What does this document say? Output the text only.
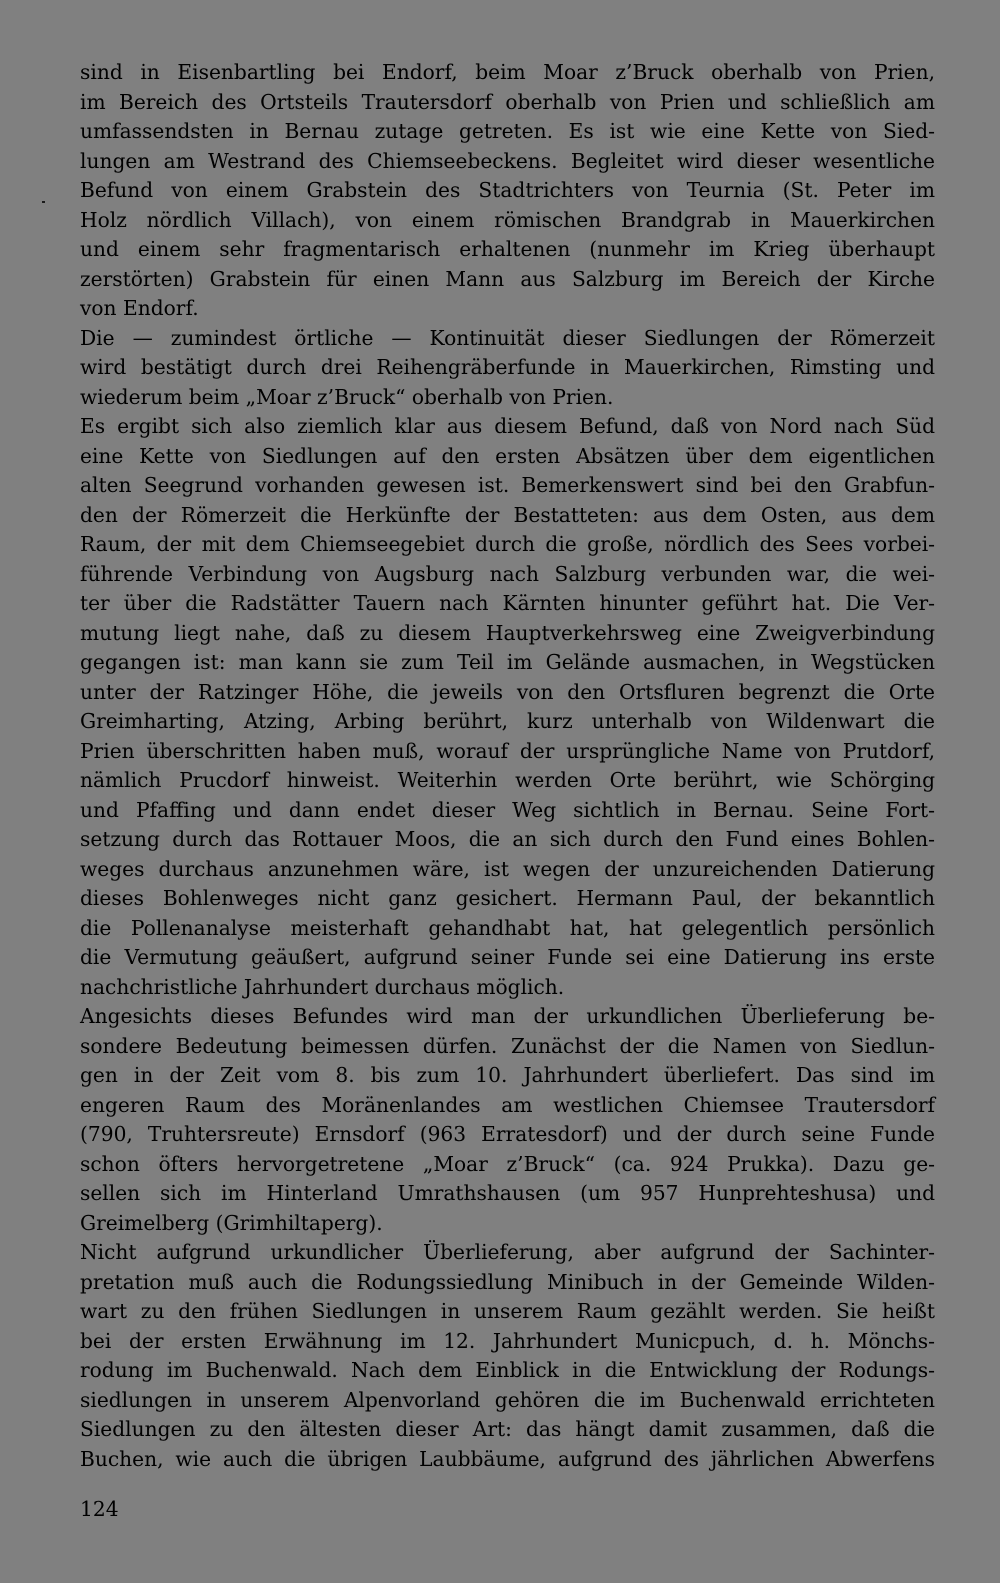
sind in Eisenbartling bei Endorf, beim Moar z’Bruck oberhalb von Prien,
im Bereich des Ortsteils Trautersdorf oberhalb von Prien und schließlich am
umfassendsten in Bernau zutage getreten. Es ist wie eine Kette von Sied-
lungen am Westrand des Chiemseebeckens. Begleitet wird dieser wesentliche
Befund von einem Grabstein des Stadtrichters von Teurnia (St. Peter im
Holz nördlich Villach), von einem römischen Brandgrab in Mauerkirchen
und einem sehr fragmentarisch erhaltenen (nunmehr im Krieg überhaupt
zerstörten) Grabstein für einen Mann aus Salzburg im Bereich der Kirche
von Endorf.
Die — zumindest örtliche — Kontinuität dieser Siedlungen der Römerzeit
wird bestätigt durch drei Reihengräberfunde in Mauerkirchen, Rimsting und
wiederum beim „Moar z’Bruck“ oberhalb von Prien.
Es ergibt sich also ziemlich klar aus diesem Befund, daß von Nord nach Süd
eine Kette von Siedlungen auf den ersten Absätzen über dem eigentlichen
alten Seegrund vorhanden gewesen ist. Bemerkenswert sind bei den Grabfun-
den der Römerzeit die Herkünfte der Bestatteten: aus dem Osten, aus dem
Raum, der mit dem Chiemseegebiet durch die große, nördlich des Sees vorbei-
führende Verbindung von Augsburg nach Salzburg verbunden war, die wei-
ter über die Radstätter Tauern nach Kärnten hinunter geführt hat. Die Ver-
mutung liegt nahe, daß zu diesem Hauptverkehrsweg eine Zweigverbindung
gegangen ist: man kann sie zum Teil im Gelände ausmachen, in Wegstücken
unter der Ratzinger Höhe, die jeweils von den Ortsfluren begrenzt die Orte
Greimharting, Atzing, Arbing berührt, kurz unterhalb von Wildenwart die
Prien überschritten haben muß, worauf der ursprüngliche Name von Prutdorf,
nämlich Prucdorf hinweist. Weiterhin werden Orte berührt, wie Schörging
und Pfaffing und dann endet dieser Weg sichtlich in Bernau. Seine Fort-
setzung durch das Rottauer Moos, die an sich durch den Fund eines Bohlen-
weges durchaus anzunehmen wäre, ist wegen der unzureichenden Datierung
dieses Bohlenweges nicht ganz gesichert. Hermann Paul, der bekanntlich
die Pollenanalyse meisterhaft gehandhabt hat, hat gelegentlich persönlich
die Vermutung geäußert, aufgrund seiner Funde sei eine Datierung ins erste
nachchristliche Jahrhundert durchaus möglich.
Angesichts dieses Befundes wird man der urkundlichen Überlieferung be-
sondere Bedeutung beimessen dürfen. Zunächst der die Namen von Siedlun-
gen in der Zeit vom 8. bis zum 10. Jahrhundert überliefert. Das sind im
engeren Raum des Moränenlandes am westlichen Chiemsee Trautersdorf
(790, Truhtersreute) Ernsdorf (963 Erratesdorf) und der durch seine Funde
schon öfters hervorgetretene „Moar z’Bruck“ (ca. 924 Prukka). Dazu ge-
sellen sich im Hinterland Umrathshausen (um 957 Hunprehteshusa) und
Greimelberg (Grimhiltaperg).
Nicht aufgrund urkundlicher Überlieferung, aber aufgrund der Sachinter-
pretation muß auch die Rodungssiedlung Minibuch in der Gemeinde Wilden-
wart zu den frühen Siedlungen in unserem Raum gezählt werden. Sie heißt
bei der ersten Erwähnung im 12. Jahrhundert Municpuch, d. h. Mönchs-
rodung im Buchenwald. Nach dem Einblick in die Entwicklung der Rodungs-
siedlungen in unserem Alpenvorland gehören die im Buchenwald errichteten
Siedlungen zu den ältesten dieser Art: das hängt damit zusammen, daß die
Buchen, wie auch die übrigen Laubbäume, aufgrund des jährlichen Abwerfens
124
